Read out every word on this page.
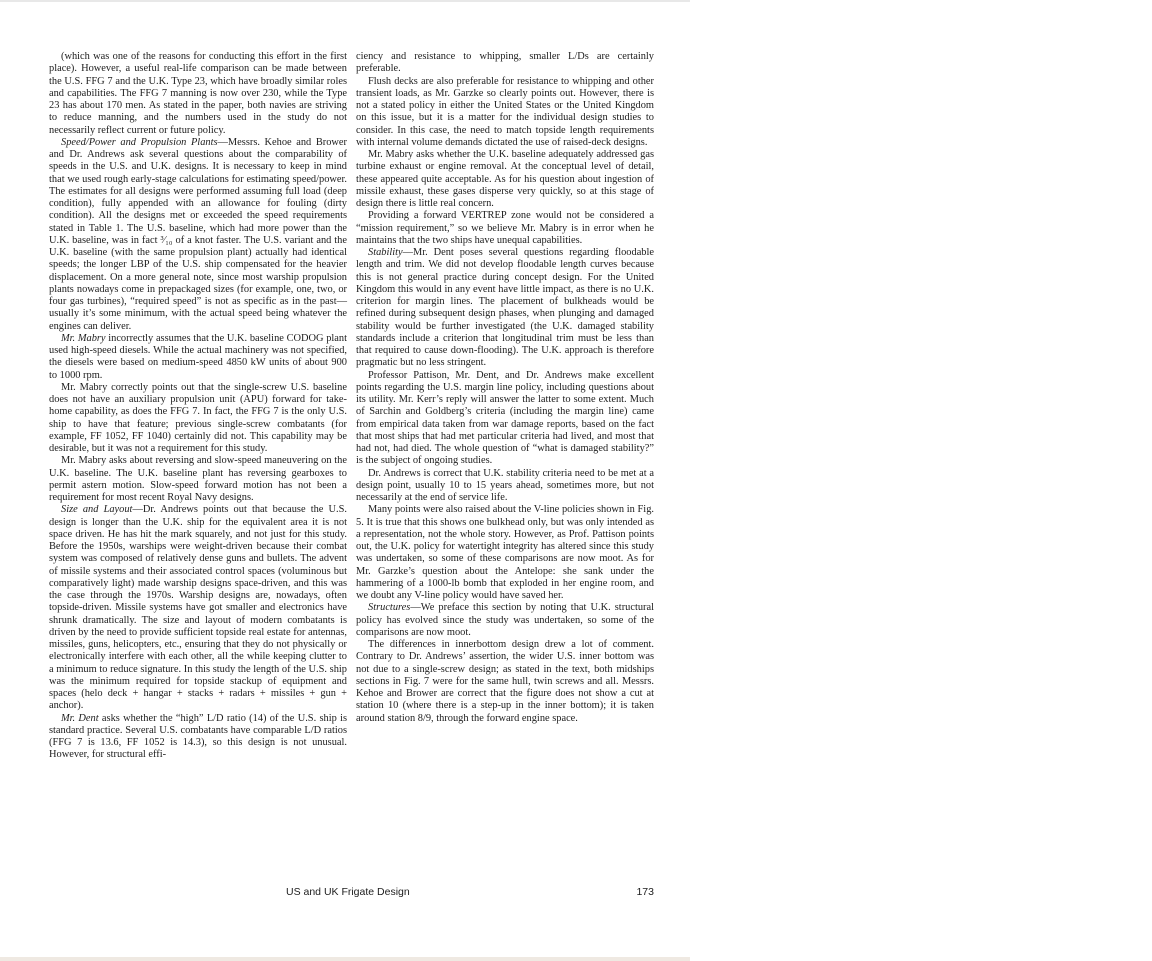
(which was one of the reasons for conducting this effort in the first place). However, a useful real-life comparison can be made between the U.S. FFG 7 and the U.K. Type 23, which have broadly similar roles and capabilities. The FFG 7 manning is now over 230, while the Type 23 has about 170 men. As stated in the paper, both navies are striving to reduce manning, and the numbers used in the study do not necessarily reflect current or future policy.

Speed/Power and Propulsion Plants—Messrs. Kehoe and Brower and Dr. Andrews ask several questions about the comparability of speeds in the U.S. and U.K. designs. It is necessary to keep in mind that we used rough early-stage calculations for estimating speed/power. The estimates for all designs were performed assuming full load (deep condition), fully appended with an allowance for fouling (dirty condition). All the designs met or exceeded the speed requirements stated in Table 1. The U.S. baseline, which had more power than the U.K. baseline, was in fact ³⁄₁₀ of a knot faster. The U.S. variant and the U.K. baseline (with the same propulsion plant) actually had identical speeds; the longer LBP of the U.S. ship compensated for the heavier displacement. On a more general note, since most warship propulsion plants nowadays come in prepackaged sizes (for example, one, two, or four gas turbines), “required speed” is not as specific as in the past—usually it’s some minimum, with the actual speed being whatever the engines can deliver.

Mr. Mabry incorrectly assumes that the U.K. baseline CODOG plant used high-speed diesels. While the actual machinery was not specified, the diesels were based on medium-speed 4850 kW units of about 900 to 1000 rpm.

Mr. Mabry correctly points out that the single-screw U.S. baseline does not have an auxiliary propulsion unit (APU) forward for take-home capability, as does the FFG 7. In fact, the FFG 7 is the only U.S. ship to have that feature; previous single-screw combatants (for example, FF 1052, FF 1040) certainly did not. This capability may be desirable, but it was not a requirement for this study.

Mr. Mabry asks about reversing and slow-speed maneuvering on the U.K. baseline. The U.K. baseline plant has reversing gearboxes to permit astern motion. Slow-speed forward motion has not been a requirement for most recent Royal Navy designs.

Size and Layout—Dr. Andrews points out that because the U.S. design is longer than the U.K. ship for the equivalent area it is not space driven. He has hit the mark squarely, and not just for this study. Before the 1950s, warships were weight-driven because their combat system was composed of relatively dense guns and bullets. The advent of missile systems and their associated control spaces (voluminous but comparatively light) made warship designs space-driven, and this was the case through the 1970s. Warship designs are, nowadays, often topside-driven. Missile systems have got smaller and electronics have shrunk dramatically. The size and layout of modern combatants is driven by the need to provide sufficient topside real estate for antennas, missiles, guns, helicopters, etc., ensuring that they do not physically or electronically interfere with each other, all the while keeping clutter to a minimum to reduce signature. In this study the length of the U.S. ship was the minimum required for topside stackup of equipment and spaces (helo deck + hangar + stacks + radars + missiles + gun + anchor).

Mr. Dent asks whether the “high” L/D ratio (14) of the U.S. ship is standard practice. Several U.S. combatants have comparable L/D ratios (FFG 7 is 13.6, FF 1052 is 14.3), so this design is not unusual. However, for structural effi-

ciency and resistance to whipping, smaller L/Ds are certainly preferable.

Flush decks are also preferable for resistance to whipping and other transient loads, as Mr. Garzke so clearly points out. However, there is not a stated policy in either the United States or the United Kingdom on this issue, but it is a matter for the individual design studies to consider. In this case, the need to match topside length requirements with internal volume demands dictated the use of raised-deck designs.

Mr. Mabry asks whether the U.K. baseline adequately addressed gas turbine exhaust or engine removal. At the conceptual level of detail, these appeared quite acceptable. As for his question about ingestion of missile exhaust, these gases disperse very quickly, so at this stage of design there is little real concern.

Providing a forward VERTREP zone would not be considered a “mission requirement,” so we believe Mr. Mabry is in error when he maintains that the two ships have unequal capabilities.

Stability—Mr. Dent poses several questions regarding floodable length and trim. We did not develop floodable length curves because this is not general practice during concept design. For the United Kingdom this would in any event have little impact, as there is no U.K. criterion for margin lines. The placement of bulkheads would be refined during subsequent design phases, when plunging and damaged stability would be further investigated (the U.K. damaged stability standards include a criterion that longitudinal trim must be less than that required to cause down-flooding). The U.K. approach is therefore pragmatic but no less stringent.

Professor Pattison, Mr. Dent, and Dr. Andrews make excellent points regarding the U.S. margin line policy, including questions about its utility. Mr. Kerr’s reply will answer the latter to some extent. Much of Sarchin and Goldberg’s criteria (including the margin line) came from empirical data taken from war damage reports, based on the fact that most ships that had met particular criteria had lived, and most that had not, had died. The whole question of “what is damaged stability?” is the subject of ongoing studies.

Dr. Andrews is correct that U.K. stability criteria need to be met at a design point, usually 10 to 15 years ahead, sometimes more, but not necessarily at the end of service life.

Many points were also raised about the V-line policies shown in Fig. 5. It is true that this shows one bulkhead only, but was only intended as a representation, not the whole story. However, as Prof. Pattison points out, the U.K. policy for watertight integrity has altered since this study was undertaken, so some of these comparisons are now moot. As for Mr. Garzke’s question about the Antelope: she sank under the hammering of a 1000-lb bomb that exploded in her engine room, and we doubt any V-line policy would have saved her.

Structures—We preface this section by noting that U.K. structural policy has evolved since the study was undertaken, so some of the comparisons are now moot.

The differences in innerbottom design drew a lot of comment. Contrary to Dr. Andrews’ assertion, the wider U.S. inner bottom was not due to a single-screw design; as stated in the text, both midships sections in Fig. 7 were for the same hull, twin screws and all. Messrs. Kehoe and Brower are correct that the figure does not show a cut at station 10 (where there is a step-up in the inner bottom); it is taken around station 8/9, through the forward engine space.

US and UK Frigate Design	173
